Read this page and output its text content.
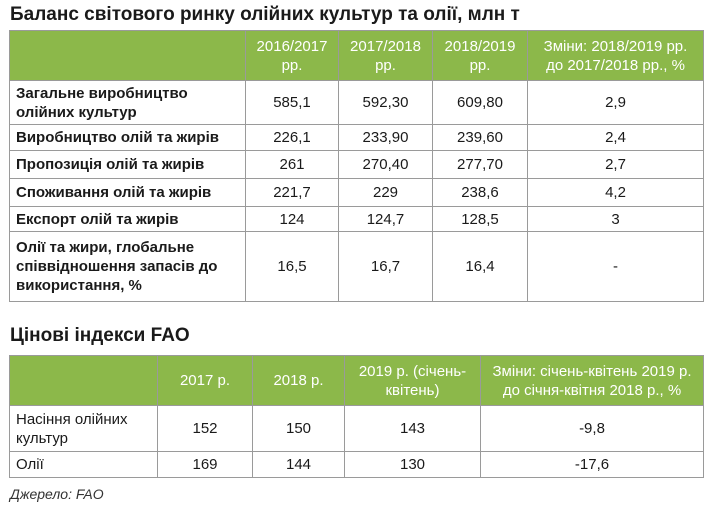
Баланс світового ринку олійних культур та олії, млн т
	2016/2017 рр.	2017/2018 рр.	2018/2019 рр.	Зміни: 2018/2019 рр. до 2017/2018 рр., %
Загальне виробництво олійних культур	585,1	592,30	609,80	2,9
Виробництво олій та жирів	226,1	233,90	239,60	2,4
Пропозиція олій та жирів	261	270,40	277,70	2,7
Споживання олій та жирів	221,7	229	238,6	4,2
Експорт олій та жирів	124	124,7	128,5	3
Олії та жири, глобальне співвідношення запасів до використання, %	16,5	16,7	16,4	-
Цінові індекси FAO
	2017 р.	2018 р.	2019 р. (січень-квітень)	Зміни: січень-квітень 2019 р. до січня-квітня 2018 р., %
Насіння олійних культур	152	150	143	-9,8
Олії	169	144	130	-17,6
Джерело: FAO
